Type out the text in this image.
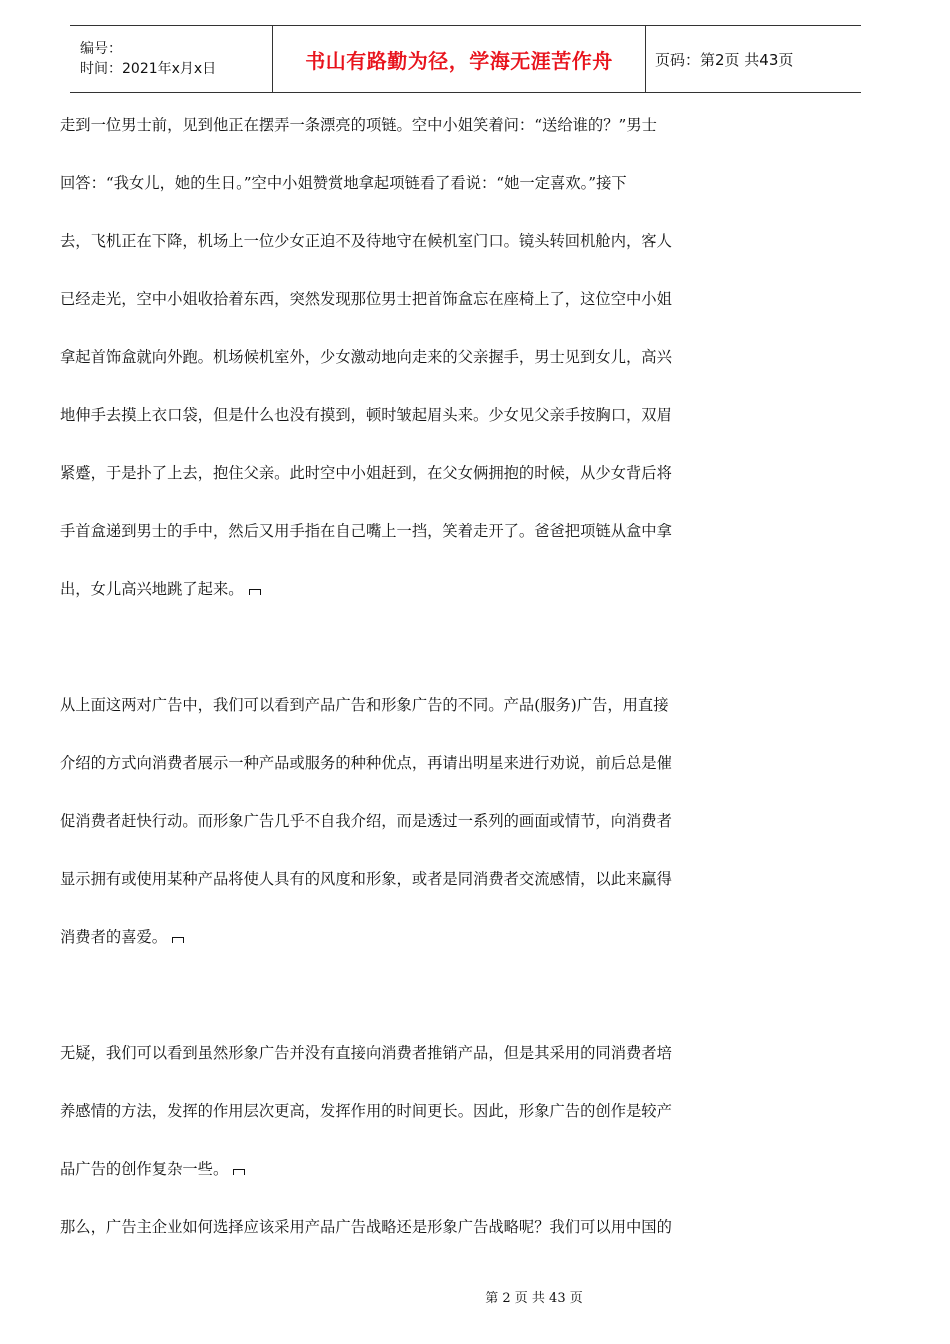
编号：
时间：2021年x月x日	书山有路勤为径，学海无涯苦作舟	页码：第2页 共43页
走到一位男士前，见到他正在摆弄一条漂亮的项链。空中小姐笑着问：“送给谁的？”男士
回答：“我女儿，她的生日。”空中小姐赞赏地拿起项链看了看说：“她一定喜欢。”接下
去，飞机正在下降，机场上一位少女正迫不及待地守在候机室门口。镜头转回机舱内，客人
已经走光，空中小姐收拾着东西，突然发现那位男士把首饰盒忘在座椅上了，这位空中小姐
拿起首饰盒就向外跑。机场候机室外，少女激动地向走来的父亲握手，男士见到女儿，高兴
地伸手去摸上衣口袋，但是什么也没有摸到，顿时皱起眉头来。少女见父亲手按胸口，双眉
紧蹙，于是扑了上去，抱住父亲。此时空中小姐赶到，在父女俩拥抱的时候，从少女背后将
手首盒递到男士的手中，然后又用手指在自己嘴上一挡，笑着走开了。爸爸把项链从盒中拿
出，女儿高兴地跳了起来。
从上面这两对广告中，我们可以看到产品广告和形象广告的不同。产品(服务)广告，用直接
介绍的方式向消费者展示一种产品或服务的种种优点，再请出明星来进行劝说，前后总是催
促消费者赶快行动。而形象广告几乎不自我介绍，而是透过一系列的画面或情节，向消费者
显示拥有或使用某种产品将使人具有的风度和形象，或者是同消费者交流感情，以此来赢得
消费者的喜爱。
无疑，我们可以看到虽然形象广告并没有直接向消费者推销产品，但是其采用的同消费者培
养感情的方法，发挥的作用层次更高，发挥作用的时间更长。因此，形象广告的创作是较产
品广告的创作复杂一些。
那么，广告主企业如何选择应该采用产品广告战略还是形象广告战略呢？我们可以用中国的
第 2 页 共 43 页
